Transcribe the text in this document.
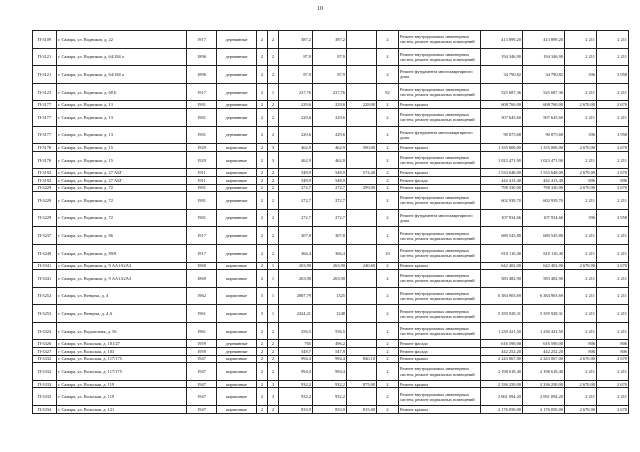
10
П-3109	г. Самара, ул. Водников, д. 22	1917	деревянные	2	2	387,2	387,2		2	Ремонт внутридомовых инженерных систем, ремонт подвальных помещений	413 899,20	413 899,20	2 211	2 211
П-3121	г. Самара, ул. Водников, д. 64/184 а	1896	деревянные	2	2	87,9	87,9		2	Ремонт внутридомовых инженерных систем, ремонт подвальных помещений	194 346,90	194 346,90	2 211	2 211
П-3121	г. Самара, ул. Водников, д. 64/184 а	1896	деревянные	2	2	87,9	87,9		2	Ремонт фундамента многоквартирного дома	34 790,82	34 790,82	396	3 958
П-3123	г. Самара, ул. Водников, д. 68 Б	1917	деревянные	2	1	237,76	237,76		92	Ремонт внутридомовых инженерных систем, ремонт подвальных помещений	525 687,36	525 687,36	2 211	2 211
П-3177	г. Самара, ул. Водников, д. 13	1901	деревянные	2	2	229,6	229,6	228,00	2	Ремонт крыши	608 760,00	608 760,00	2 670,00	2 670
П-3177	г. Самара, ул. Водников, д. 13	1901	деревянные	2	2	229,6	229,6		2	Ремонт внутридомовых инженерных систем, ремонт подвальных помещений	507 645,60	507 645,60	2 211	2 211
П-3177	г. Самара, ул. Водников, д. 13	1901	деревянные	2	2	229,6	229,6		2	Ремонт фундамента многоквартирного дома	90 875,68	90 875,68	396	3 958
П-3178	г. Самара, ул. Водников, д. 15	1929	кирпичные	2	3	462,9	462,9	500,00	2	Ремонт крыши	1 335 000,00	1 335 000,00	2 670,00	2 670
П-3178	г. Самара, ул. Водников, д. 15	1929	кирпичные	2	3	462,9	462,9		2	Ремонт внутридомовых инженерных систем, ремонт подвальных помещений	1 023 471,90	1 023 471,90	2 211	2 211
П-3192	г. Самара, ул. Водников, д. 27 АБГ	1911	кирпичные	2	2	548,9	548,9	574,40	2	Ремонт крыши	1 533 648,00	1 533 648,00	2 670,00	2 670
П-3192	г. Самара, ул. Водников, д. 27 АБГ	1911	кирпичные	2	2	548,9	548,9		2	Ремонт фасада	442 413,40	442 413,40	806	806
П-3229	г. Самара, ул. Водников, д. 72	1901	деревянные	2	2	272,7	272,7	299,00	2	Ремонт крыши	798 330,00	798 330,00	2 670,00	2 670
П-3229	г. Самара, ул. Водников, д. 72	1901	деревянные	2	2	272,7	272,7		2	Ремонт внутридомовых инженерных систем, ремонт подвальных помещений	602 939,70	602 939,70	2 211	2 211
П-3229	г. Самара, ул. Водников, д. 72	1901	деревянные	2	2	272,7	272,7		2	Ремонт фундамента многоквартирного дома	107 934,66	107 934,66	396	3 958
П-3237	г. Самара, ул. Водников, д. 86	1917	деревянные	2	2	307,8	307,8		2	Ремонт внутридомовых инженерных систем, ремонт подвальных помещений	680 545,80	680 545,80	2 211	2 211
П-3249	г. Самара, ул. Водников, д. 89/8	1917	деревянные	2	2	366,4	366,4		10	Ремонт внутридомовых инженерных систем, ремонт подвальных помещений	810 110,40	810 110,40	2 211	2 211
П-3341	г. Самара, ул. Водников, д. 9 АА1А2А3	1869	кирпичные	2	1	263,90	263,90	240,60	2	Ремонт крыши	642 402,00	642 402,00	2 670,00	2 670
П-3341	г. Самара, ул. Водников, д. 9 АА1А2А3	1869	кирпичные	2	1	263,90	263,90		2	Ремонт внутридомовых инженерных систем, ремонт подвальных помещений	583 482,90	583 482,90	2 211	2 211
П-3252	г. Самара, ул. Венцека, д. 4	1962	кирпичные	5	1	2887,79	1325		2	Ремонт внутридомовых инженерных систем, ремонт подвальных помещений	6 384 903,69	6 384 903,69	2 211	2 211
П-3253	г. Самара, ул. Венцека, д. 4 А	1961	кирпичные	5	1	2424,21	1248		2	Ремонт внутридомовых инженерных систем, ремонт подвальных помещений	5 359 928,31	5 359 928,31	2 211	2 211
П-3324	г. Самара, ул. Водовозная, д. 56	1961	кирпичные	2	2	556,5	556,5		2	Ремонт внутридомовых инженерных систем, ремонт подвальных помещений	1 230 421,50	1 230 421,50	2 211	2 211
П-3326	г. Самара, ул. Вольская, д. 101/27	1959	деревянные	2	2	765	496,2		2	Ремонт фасада	616 590,00	616 590,00	806	806
П-3327	г. Самара, ул. Вольская, д. 103	1959	деревянные	2	2	548,7	547,9		2	Ремонт фасада	442 252,20	442 252,20	806	806
П-3332	г. Самара, ул. Вольская, д. 117/175	1947	кирпичные	2	2	994,4	994,4	840,10	2	Ремонт крыши	2 243 067,00	2 243 067,00	2 670,00	2 670
П-3332	г. Самара, ул. Вольская, д. 117/175	1947	кирпичные	2	2	994,4	994,4		2	Ремонт внутридомовых инженерных систем, ремонт подвальных помещений	2 198 618,40	2 198 618,40	2 211	2 211
П-3333	г. Самара, ул. Вольская, д. 119	1947	кирпичные	2	3	932,2	932,2	875,00	2	Ремонт крыши	2 336 250,00	2 336 250,00	2 670,00	2 670
П-3333	г. Самара, ул. Вольская, д. 119	1947	кирпичные	2	3	932,2	932,2		2	Ремонт внутридомовых инженерных систем, ремонт подвальных помещений	2 061 094,20	2 061 094,20	2 211	2 211
П-3334	г. Самара, ул. Вольская, д. 121	1947	кирпичные	2	2	833,9	833,9	815,00	2	Ремонт крыши	2 176 050,00	2 176 050,00	2 670,00	2 670
